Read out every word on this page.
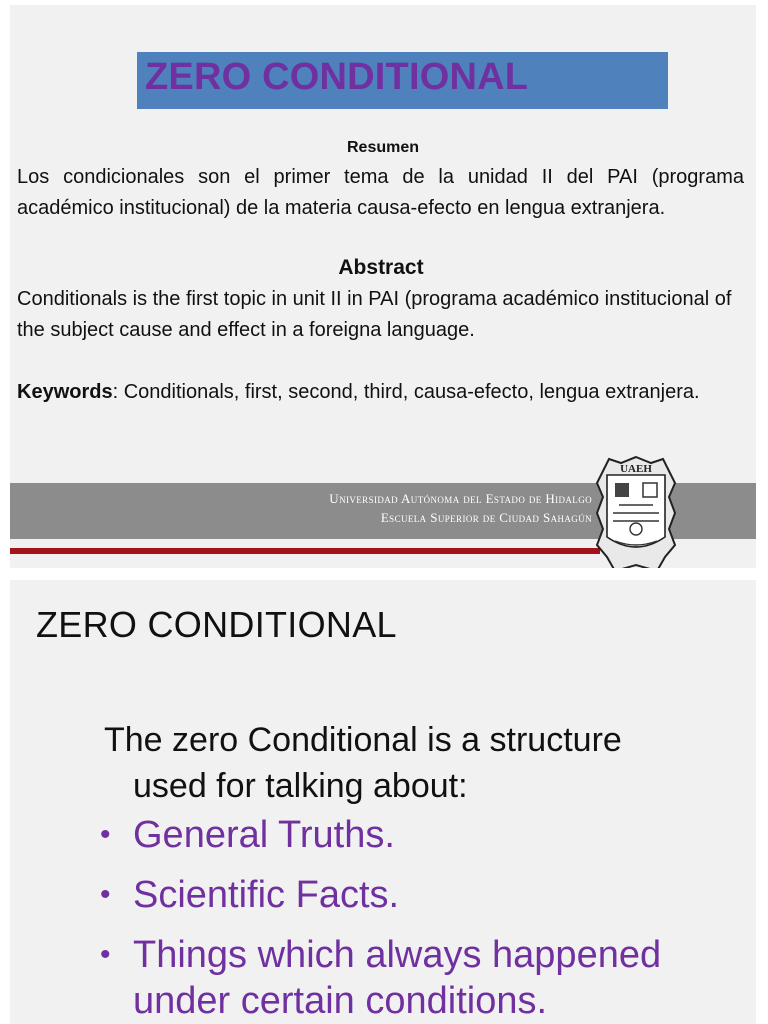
ZERO CONDITIONAL
Resumen

Los condicionales son el primer tema de la unidad II del PAI (programa académico institucional) de la materia causa-efecto en lengua extranjera.

Abstract

Conditionals is the first topic in unit II in PAI (programa académico institucional of the subject cause and effect in a foreigna language.

Keywords: Conditionals, first, second, third, causa-efecto, lengua extranjera.

Universidad Autónoma del Estado de Hidalgo
Escuela Superior de Ciudad Sahagún
UAEH
ZERO CONDITIONAL

The zero Conditional is a structure
used for talking about:

• General Truths.
• Scientific Facts.
• Things which always happened under certain conditions.
